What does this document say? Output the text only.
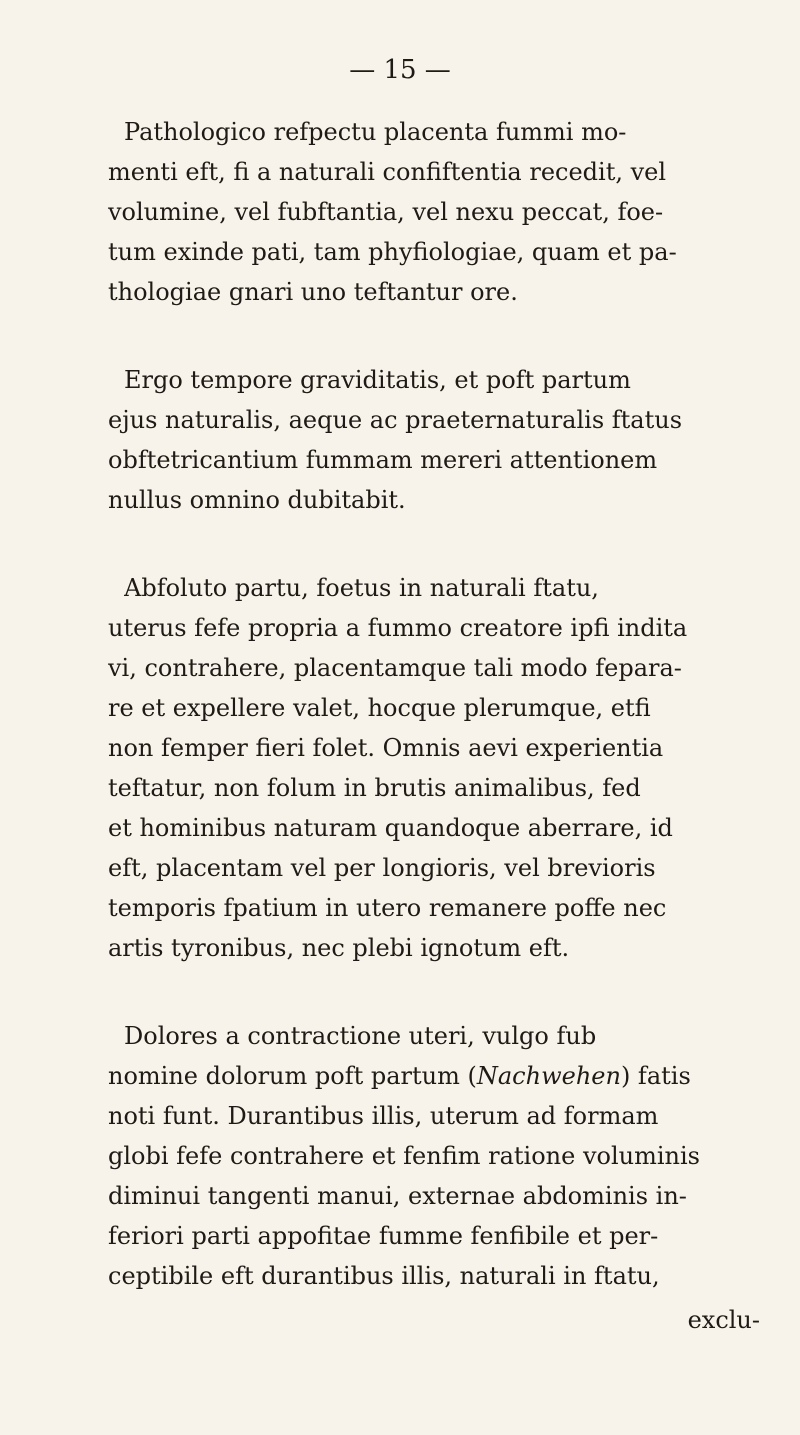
— 15 —
Pathologico refpectu placenta fummi mo-
menti eft, fi a naturali confiftentia recedit, vel
volumine, vel fubftantia, vel nexu peccat, foe-
tum exinde pati, tam phyfiologiae, quam et pa-
thologiae gnari uno teftantur ore.
Ergo tempore graviditatis, et poft partum
ejus naturalis, aeque ac praeternaturalis ftatus
obftetricantium fummam mereri attentionem
nullus omnino dubitabit.
Abfoluto partu, foetus in naturali ftatu,
uterus fefe propria a fummo creatore ipfi indita
vi, contrahere, placentamque tali modo fepara-
re et expellere valet, hocque plerumque, etfi
non femper fieri folet. Omnis aevi experientia
teftatur, non folum in brutis animalibus, fed
et hominibus naturam quandoque aberrare, id
eft, placentam vel per longioris, vel brevioris
temporis fpatium in utero remanere poffe nec
artis tyronibus, nec plebi ignotum eft.
Dolores a contractione uteri, vulgo fub
nomine dolorum poft partum (Nachwehen) fatis
noti funt. Durantibus illis, uterum ad formam
globi fefe contrahere et fenfim ratione voluminis
diminui tangenti manui, externae abdominis in-
feriori parti appofitae fumme fenfibile et per-
ceptibile eft durantibus illis, naturali in ftatu,
exclu-
